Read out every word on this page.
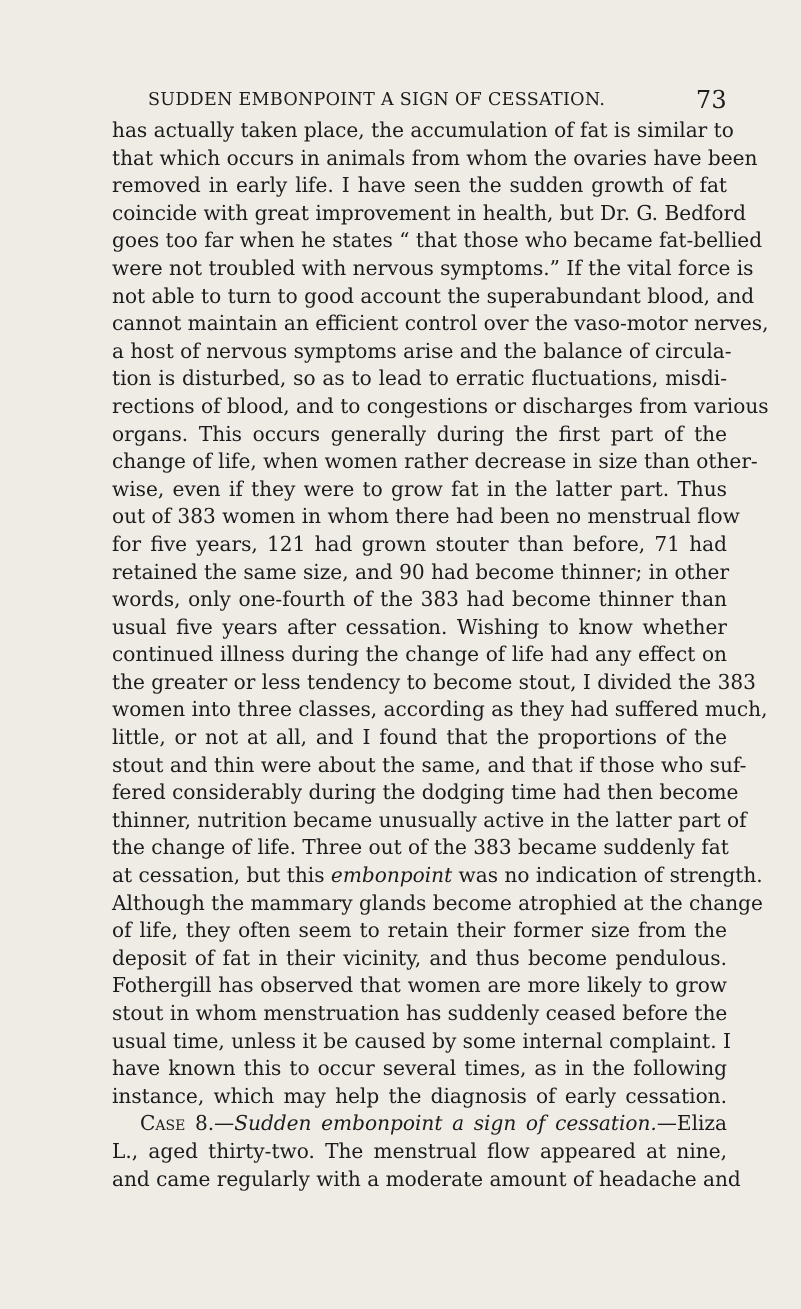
SUDDEN EMBONPOINT A SIGN OF CESSATION.	73
has actually taken place, the accumulation of fat is similar to
that which occurs in animals from whom the ovaries have been
removed in early life. I have seen the sudden growth of fat
coincide with great improvement in health, but Dr. G. Bedford
goes too far when he states “ that those who became fat-bellied
were not troubled with nervous symptoms.” If the vital force is
not able to turn to good account the superabundant blood, and
cannot maintain an efficient control over the vaso-motor nerves,
a host of nervous symptoms arise and the balance of circula-
tion is disturbed, so as to lead to erratic fluctuations, misdi-
rections of blood, and to congestions or discharges from various
organs. This occurs generally during the first part of the
change of life, when women rather decrease in size than other-
wise, even if they were to grow fat in the latter part. Thus
out of 383 women in whom there had been no menstrual flow
for five years, 121 had grown stouter than before, 71 had
retained the same size, and 90 had become thinner; in other
words, only one-fourth of the 383 had become thinner than
usual five years after cessation. Wishing to know whether
continued illness during the change of life had any effect on
the greater or less tendency to become stout, I divided the 383
women into three classes, according as they had suffered much,
little, or not at all, and I found that the proportions of the
stout and thin were about the same, and that if those who suf-
fered considerably during the dodging time had then become
thinner, nutrition became unusually active in the latter part of
the change of life. Three out of the 383 became suddenly fat
at cessation, but this embonpoint was no indication of strength.
Although the mammary glands become atrophied at the change
of life, they often seem to retain their former size from the
deposit of fat in their vicinity, and thus become pendulous.
Fothergill has observed that women are more likely to grow
stout in whom menstruation has suddenly ceased before the
usual time, unless it be caused by some internal complaint. I
have known this to occur several times, as in the following
instance, which may help the diagnosis of early cessation.
Case 8.—Sudden embonpoint a sign of cessation.—Eliza
L., aged thirty-two. The menstrual flow appeared at nine,
and came regularly with a moderate amount of headache and
